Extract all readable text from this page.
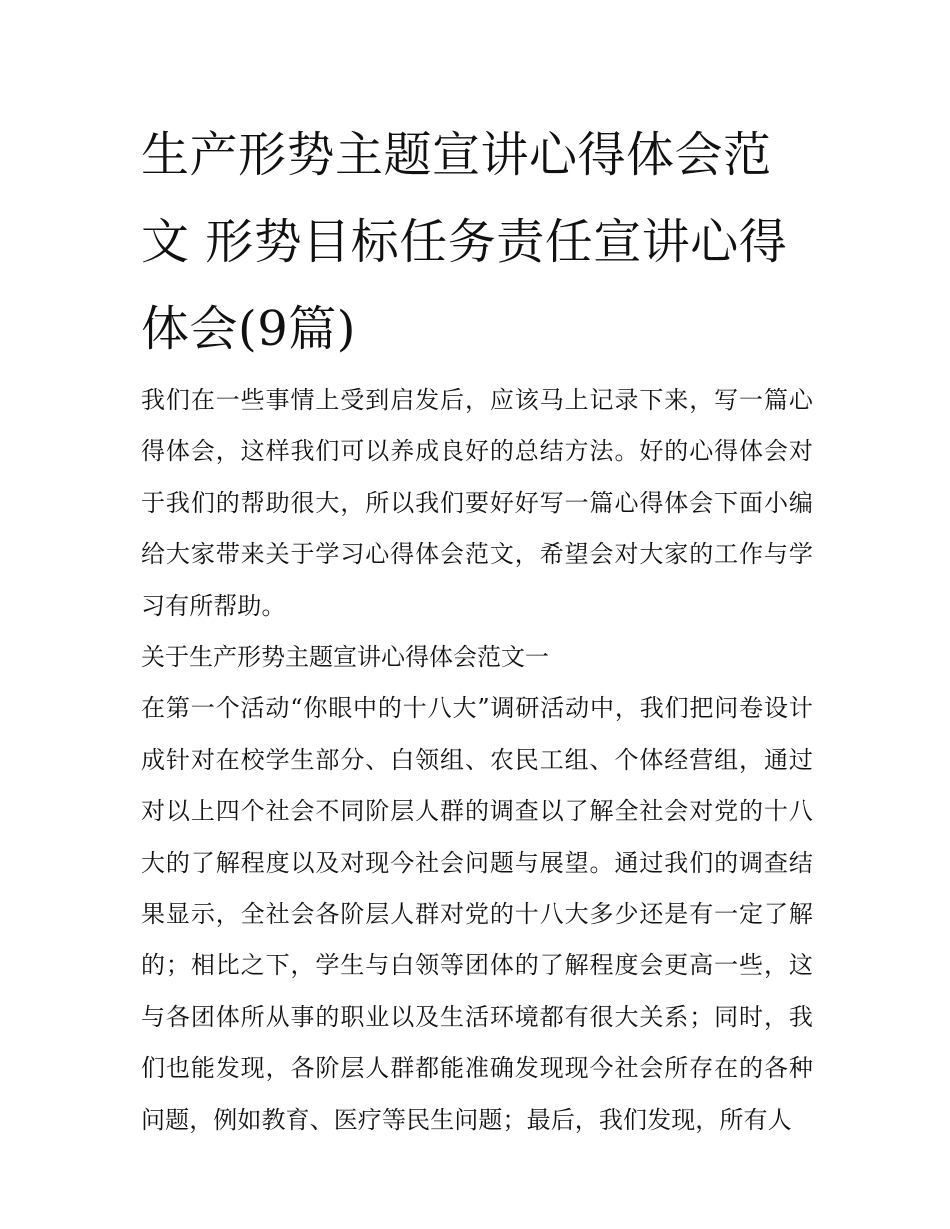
生产形势主题宣讲心得体会范文 形势目标任务责任宣讲心得体会(9篇)

我们在一些事情上受到启发后，应该马上记录下来，写一篇心得体会，这样我们可以养成良好的总结方法。好的心得体会对于我们的帮助很大，所以我们要好好写一篇心得体会下面小编给大家带来关于学习心得体会范文，希望会对大家的工作与学习有所帮助。

关于生产形势主题宣讲心得体会范文一

在第一个活动“你眼中的十八大”调研活动中，我们把问卷设计成针对在校学生部分、白领组、农民工组、个体经营组，通过对以上四个社会不同阶层人群的调查以了解全社会对党的十八大的了解程度以及对现今社会问题与展望。通过我们的调查结果显示，全社会各阶层人群对党的十八大多少还是有一定了解的；相比之下，学生与白领等团体的了解程度会更高一些，这与各团体所从事的职业以及生活环境都有很大关系；同时，我们也能发现，各阶层人群都能准确发现现今社会所存在的各种问题，例如教育、医疗等民生问题；最后，我们发现，所有人
